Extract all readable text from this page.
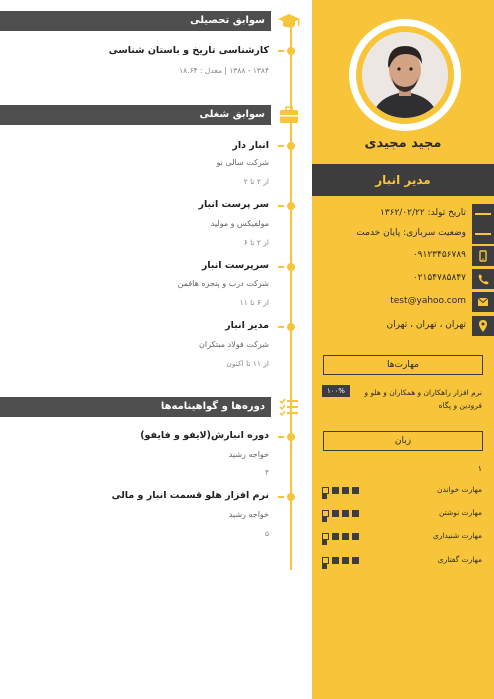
مجید مجیدی
مدیر انبار
تاریخ تولد: ۱۳۶۲/۰۲/۲۲
وضعیت سربازی: پایان خدمت
۰۹۱۲۳۴۵۶۷۸۹
۰۲۱۵۴۷۸۵۸۴۷
test@yahoo.com
تهران ، تهران ، تهران
مهارت‌ها
۱۰۰%	نرم افزار راهکاران و همکاران و هلو و فرودین و پگاه
زبان
۱
مهارت خواندن
مهارت نوشتن
مهارت شنیداری
مهارت گفتاری
سوابق تحصیلی
کارشناسی تاریخ و باستان شناسی
۱۳۸۴ - ۱۳۸۸ | معدل : ۱۸.۶۴
سوابق شغلی
انبار دار
شرکت سالی نو
از ۲ تا ۲
سر پرست انبار
مولفیکس و مولید
از ۲ تا ۶
سرپرست انبار
شرکت درب و پنجره هافمن
از ۶ تا ۱۱
مدیر انبار
شرکت فولاد مبتکران
از ۱۱ تا اکنون
دوره‌ها و گواهینامه‌ها
دوره انبارش(لایفو و فایفو)
خواجه رشید
۴
نرم افزار هلو قسمت انبار و مالی
خواجه رشید
۵
